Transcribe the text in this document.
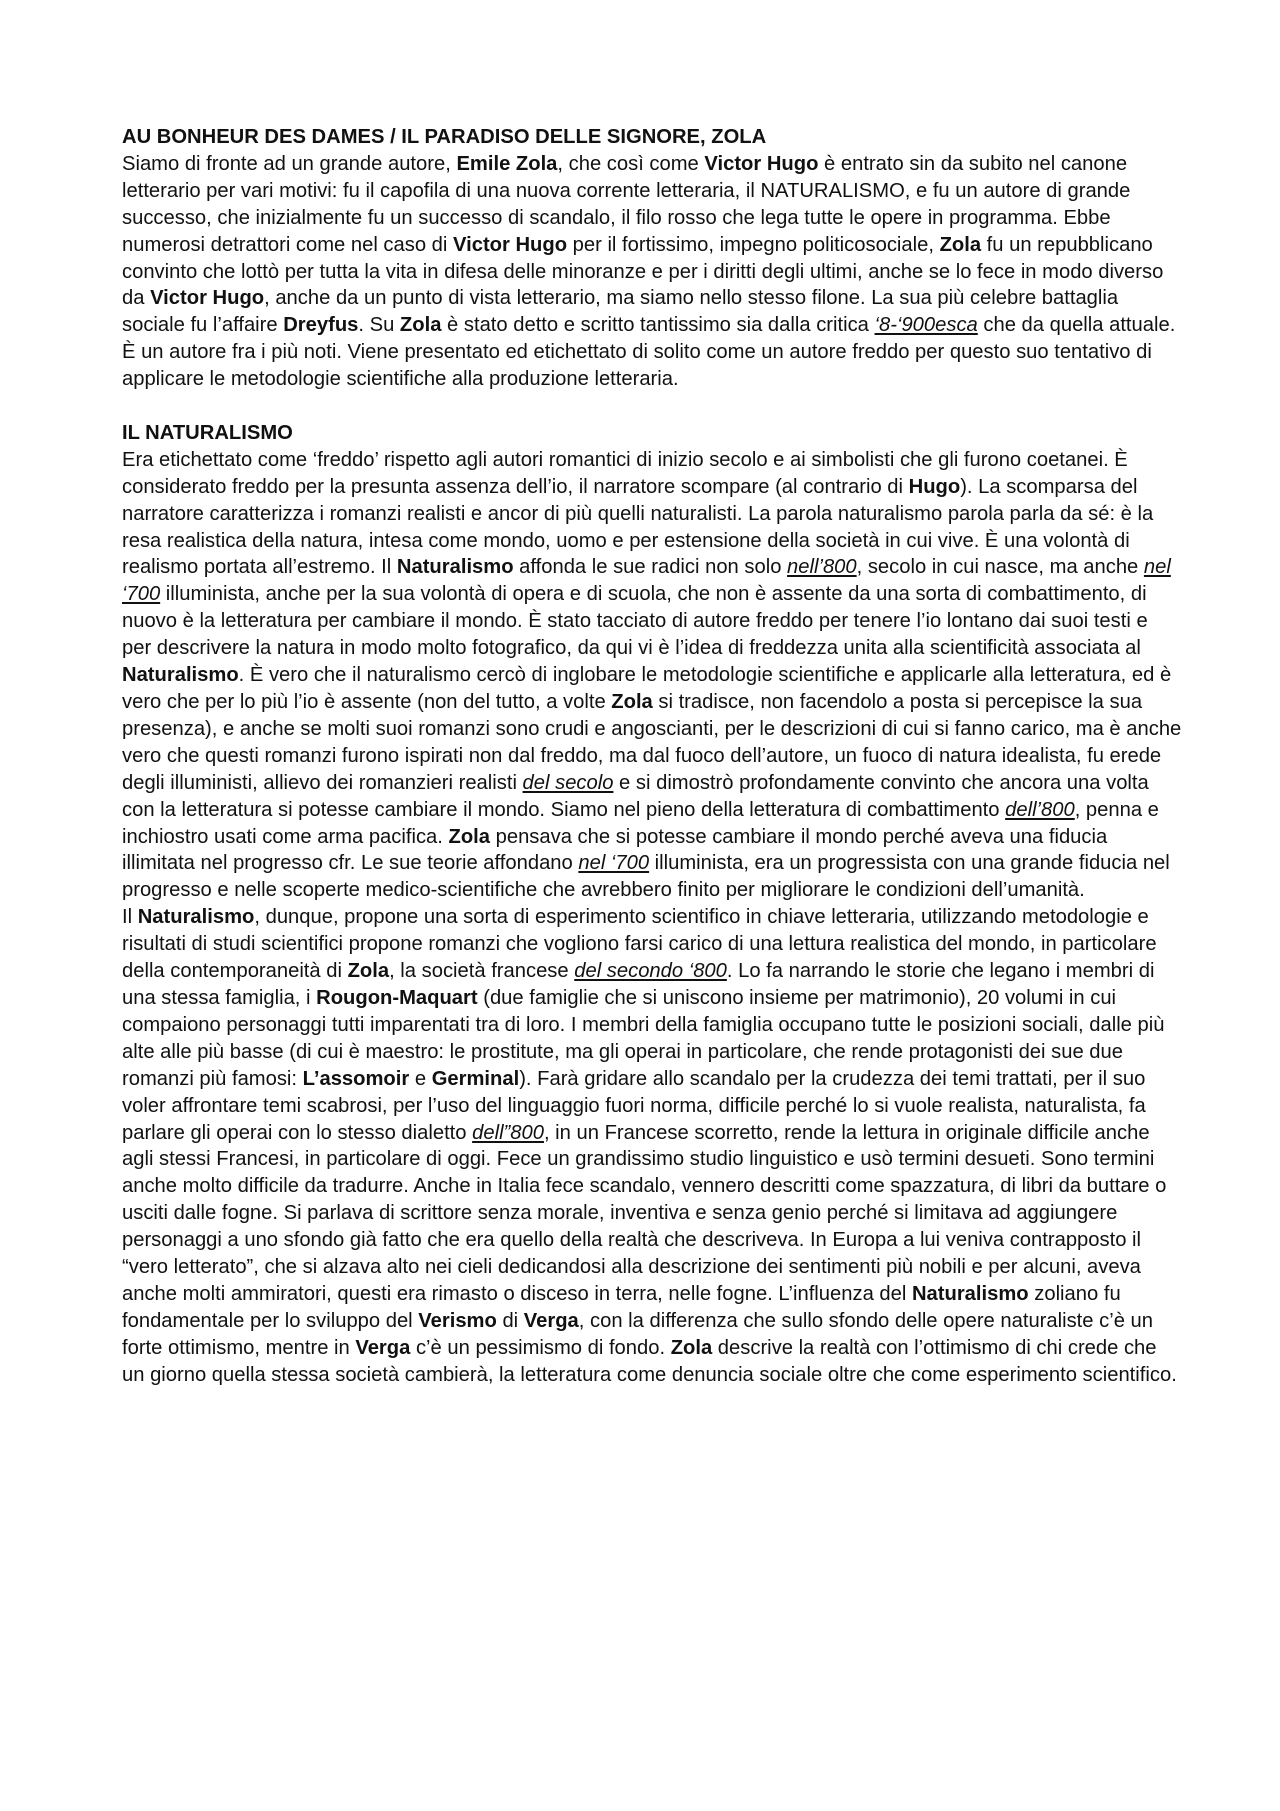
AU BONHEUR DES DAMES / IL PARADISO DELLE SIGNORE, ZOLA

Siamo di fronte ad un grande autore, Emile Zola, che così come Victor Hugo è entrato sin da subito nel canone letterario per vari motivi: fu il capofila di una nuova corrente letteraria, il NATURALISMO, e fu un autore di grande successo, che inizialmente fu un successo di scandalo, il filo rosso che lega tutte le opere in programma. Ebbe numerosi detrattori come nel caso di Victor Hugo per il fortissimo, impegno politicosociale, Zola fu un repubblicano convinto che lottò per tutta la vita in difesa delle minoranze e per i diritti degli ultimi, anche se lo fece in modo diverso da Victor Hugo, anche da un punto di vista letterario, ma siamo nello stesso filone. La sua più celebre battaglia sociale fu l’affaire Dreyfus. Su Zola è stato detto e scritto tantissimo sia dalla critica ‘8-‘900esca che da quella attuale. È un autore fra i più noti. Viene presentato ed etichettato di solito come un autore freddo per questo suo tentativo di applicare le metodologie scientifiche alla produzione letteraria.

IL NATURALISMO

Era etichettato come ‘freddo’ rispetto agli autori romantici di inizio secolo e ai simbolisti che gli furono coetanei. È considerato freddo per la presunta assenza dell’io, il narratore scompare (al contrario di Hugo). La scomparsa del narratore caratterizza i romanzi realisti e ancor di più quelli naturalisti. La parola naturalismo parola parla da sé: è la resa realistica della natura, intesa come mondo, uomo e per estensione della società in cui vive. È una volontà di realismo portata all’estremo. Il Naturalismo affonda le sue radici non solo nell’800, secolo in cui nasce, ma anche nel ‘700 illuminista, anche per la sua volontà di opera e di scuola, che non è assente da una sorta di combattimento, di nuovo è la letteratura per cambiare il mondo. È stato tacciato di autore freddo per tenere l’io lontano dai suoi testi e per descrivere la natura in modo molto fotografico, da qui vi è l’idea di freddezza unita alla scientificità associata al Naturalismo. È vero che il naturalismo cercò di inglobare le metodologie scientifiche e applicarle alla letteratura, ed è vero che per lo più l’io è assente (non del tutto, a volte Zola si tradisce, non facendolo a posta si percepisce la sua presenza), e anche se molti suoi romanzi sono crudi e angoscianti, per le descrizioni di cui si fanno carico, ma è anche vero che questi romanzi furono ispirati non dal freddo, ma dal fuoco dell’autore, un fuoco di natura idealista, fu erede degli illuministi, allievo dei romanzieri realisti del secolo e si dimostrò profondamente convinto che ancora una volta con la letteratura si potesse cambiare il mondo. Siamo nel pieno della letteratura di combattimento dell’800, penna e inchiostro usati come arma pacifica. Zola pensava che si potesse cambiare il mondo perché aveva una fiducia illimitata nel progresso cfr. Le sue teorie affondano nel ‘700 illuminista, era un progressista con una grande fiducia nel progresso e nelle scoperte medico-scientifiche che avrebbero finito per migliorare le condizioni dell’umanità.

Il Naturalismo, dunque, propone una sorta di esperimento scientifico in chiave letteraria, utilizzando metodologie e risultati di studi scientifici propone romanzi che vogliono farsi carico di una lettura realistica del mondo, in particolare della contemporaneità di Zola, la società francese del secondo ‘800. Lo fa narrando le storie che legano i membri di una stessa famiglia, i Rougon-Maquart (due famiglie che si uniscono insieme per matrimonio), 20 volumi in cui compaiono personaggi tutti imparentati tra di loro. I membri della famiglia occupano tutte le posizioni sociali, dalle più alte alle più basse (di cui è maestro: le prostitute, ma gli operai in particolare, che rende protagonisti dei sue due romanzi più famosi: L’assomoir e Germinal). Farà gridare allo scandalo per la crudezza dei temi trattati, per il suo voler affrontare temi scabrosi, per l’uso del linguaggio fuori norma, difficile perché lo si vuole realista, naturalista, fa parlare gli operai con lo stesso dialetto dell”800, in un Francese scorretto, rende la lettura in originale difficile anche agli stessi Francesi, in particolare di oggi. Fece un grandissimo studio linguistico e usò termini desueti. Sono termini anche molto difficile da tradurre. Anche in Italia fece scandalo, vennero descritti come spazzatura, di libri da buttare o usciti dalle fogne. Si parlava di scrittore senza morale, inventiva e senza genio perché si limitava ad aggiungere personaggi a uno sfondo già fatto che era quello della realtà che descriveva. In Europa a lui veniva contrapposto il “vero letterato”, che si alzava alto nei cieli dedicandosi alla descrizione dei sentimenti più nobili e per alcuni, aveva anche molti ammiratori, questi era rimasto o disceso in terra, nelle fogne. L’influenza del Naturalismo zoliano fu fondamentale per lo sviluppo del Verismo di Verga, con la differenza che sullo sfondo delle opere naturaliste c’è un forte ottimismo, mentre in Verga c’è un pessimismo di fondo. Zola descrive la realtà con l’ottimismo di chi crede che un giorno quella stessa società cambierà, la letteratura come denuncia sociale oltre che come esperimento scientifico.
